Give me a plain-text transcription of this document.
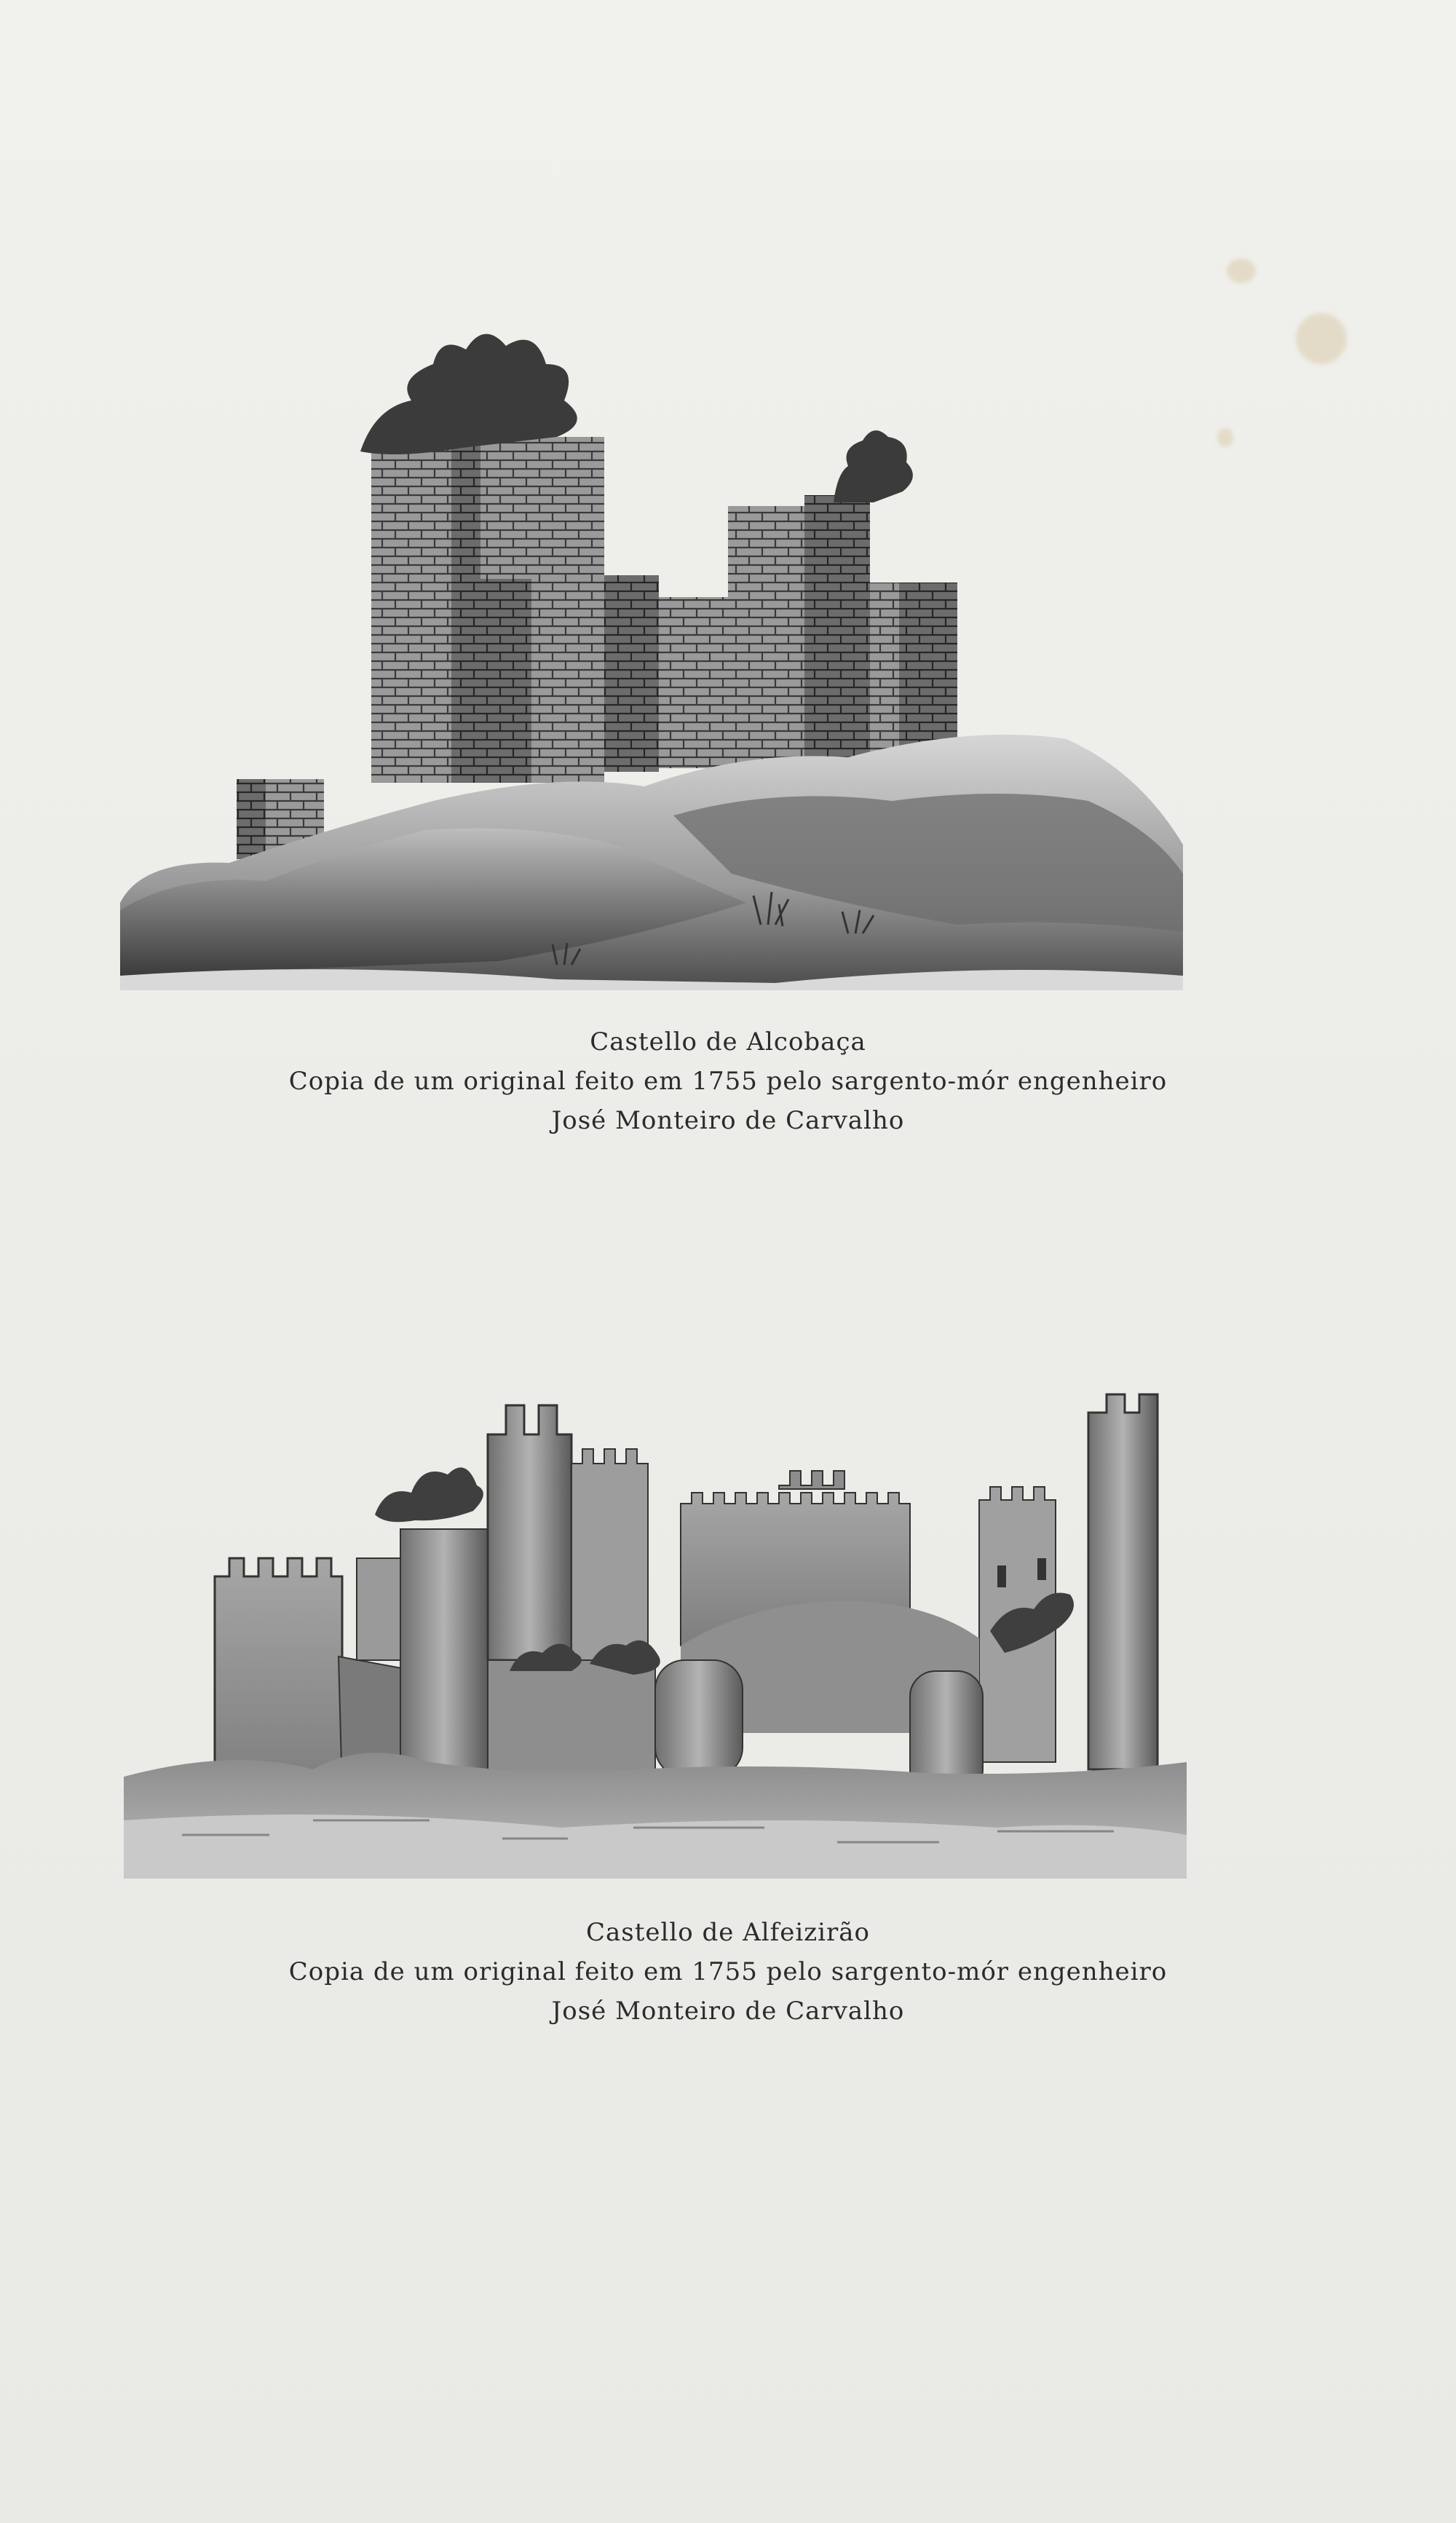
Castello de Alcobaça
Copia de um original feito em 1755 pelo sargento-mór engenheiro
José Monteiro de Carvalho
Castello de Alfeizirão
Copia de um original feito em 1755 pelo sargento-mór engenheiro
José Monteiro de Carvalho
